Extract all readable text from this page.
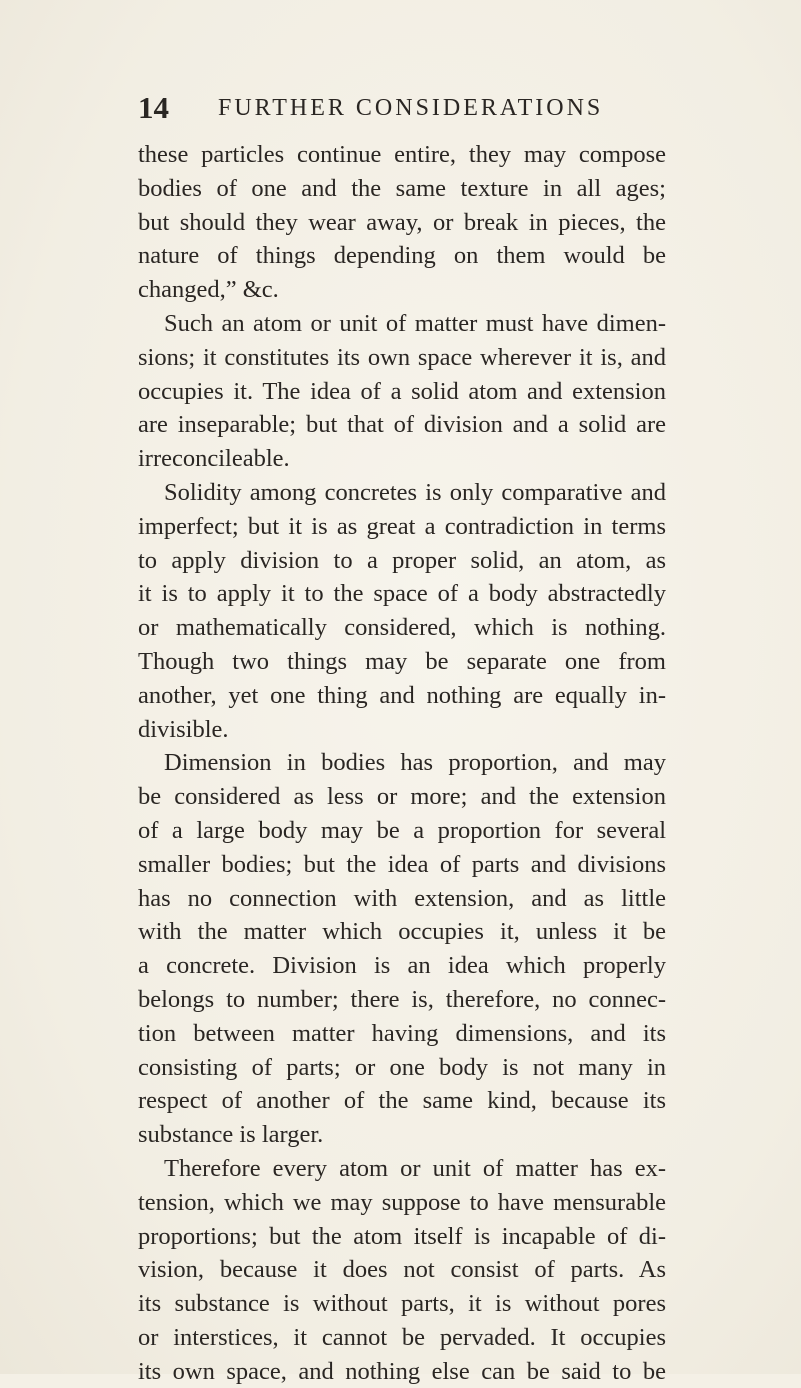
14 FURTHER CONSIDERATIONS
these particles continue entire, they may compose
bodies of one and the same texture in all ages;
but should they wear away, or break in pieces, the
nature of things depending on them would be
changed,” &c.
Such an atom or unit of matter must have dimen-
sions; it constitutes its own space wherever it is, and
occupies it. The idea of a solid atom and extension
are inseparable; but that of division and a solid are
irreconcileable.
Solidity among concretes is only comparative and
imperfect; but it is as great a contradiction in terms
to apply division to a proper solid, an atom, as
it is to apply it to the space of a body abstractedly
or mathematically considered, which is nothing.
Though two things may be separate one from
another, yet one thing and nothing are equally in-
divisible.
Dimension in bodies has proportion, and may
be considered as less or more; and the extension
of a large body may be a proportion for several
smaller bodies; but the idea of parts and divisions
has no connection with extension, and as little
with the matter which occupies it, unless it be
a concrete. Division is an idea which properly
belongs to number; there is, therefore, no connec-
tion between matter having dimensions, and its
consisting of parts; or one body is not many in
respect of another of the same kind, because its
substance is larger.
Therefore every atom or unit of matter has ex-
tension, which we may suppose to have mensurable
proportions; but the atom itself is incapable of di-
vision, because it does not consist of parts. As
its substance is without parts, it is without pores
or interstices, it cannot be pervaded. It occupies
its own space, and nothing else can be said to be
